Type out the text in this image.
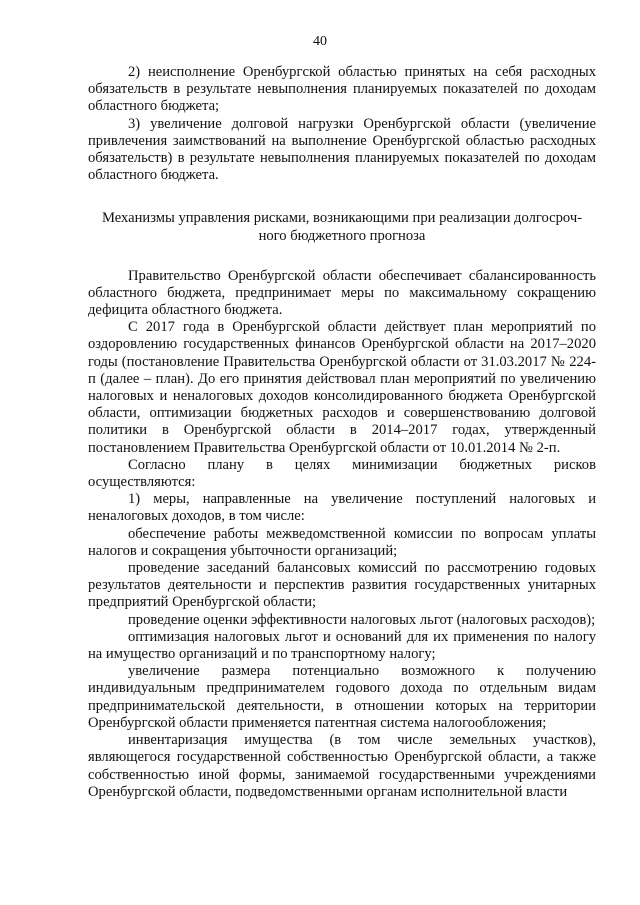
40

2) неисполнение Оренбургской областью принятых на себя расходных обязательств в результате невыполнения планируемых показателей по доходам областного бюджета;

3) увеличение долговой нагрузки Оренбургской области (увеличение привлечения заимствований на выполнение Оренбургской областью расходных обязательств) в результате невыполнения планируемых показателей по доходам областного бюджета.

Механизмы управления рисками, возникающими при реализации долгосроч-
ного бюджетного прогноза

Правительство Оренбургской области обеспечивает сбалансированность областного бюджета, предпринимает меры по максимальному сокращению дефицита областного бюджета.

С 2017 года в Оренбургской области действует план мероприятий по оздоровлению государственных финансов Оренбургской области на 2017–2020 годы (постановление Правительства Оренбургской области от 31.03.2017 № 224-п (далее – план). До его принятия действовал план мероприятий по увеличению налоговых и неналоговых доходов консолидированного бюджета Оренбургской области, оптимизации бюджетных расходов и совершенствованию долговой политики в Оренбургской области в 2014–2017 годах, утвержденный постановлением Правительства Оренбургской области от 10.01.2014 № 2-п.

Согласно плану в целях минимизации бюджетных рисков осуществляются:

1) меры, направленные на увеличение поступлений налоговых и неналоговых доходов, в том числе:

обеспечение работы межведомственной комиссии по вопросам уплаты налогов и сокращения убыточности организаций;

проведение заседаний балансовых комиссий по рассмотрению годовых результатов деятельности и перспектив развития государственных унитарных предприятий Оренбургской области;

проведение оценки эффективности налоговых льгот (налоговых расходов);

оптимизация налоговых льгот и оснований для их применения по налогу на имущество организаций и по транспортному налогу;

увеличение размера потенциально возможного к получению индивидуальным предпринимателем годового дохода по отдельным видам предпринимательской деятельности, в отношении которых на территории Оренбургской области применяется патентная система налогообложения;

инвентаризация имущества (в том числе земельных участков), являющегося государственной собственностью Оренбургской области, а также собственностью иной формы, занимаемой государственными учреждениями Оренбургской области, подведомственными органам исполнительной власти
